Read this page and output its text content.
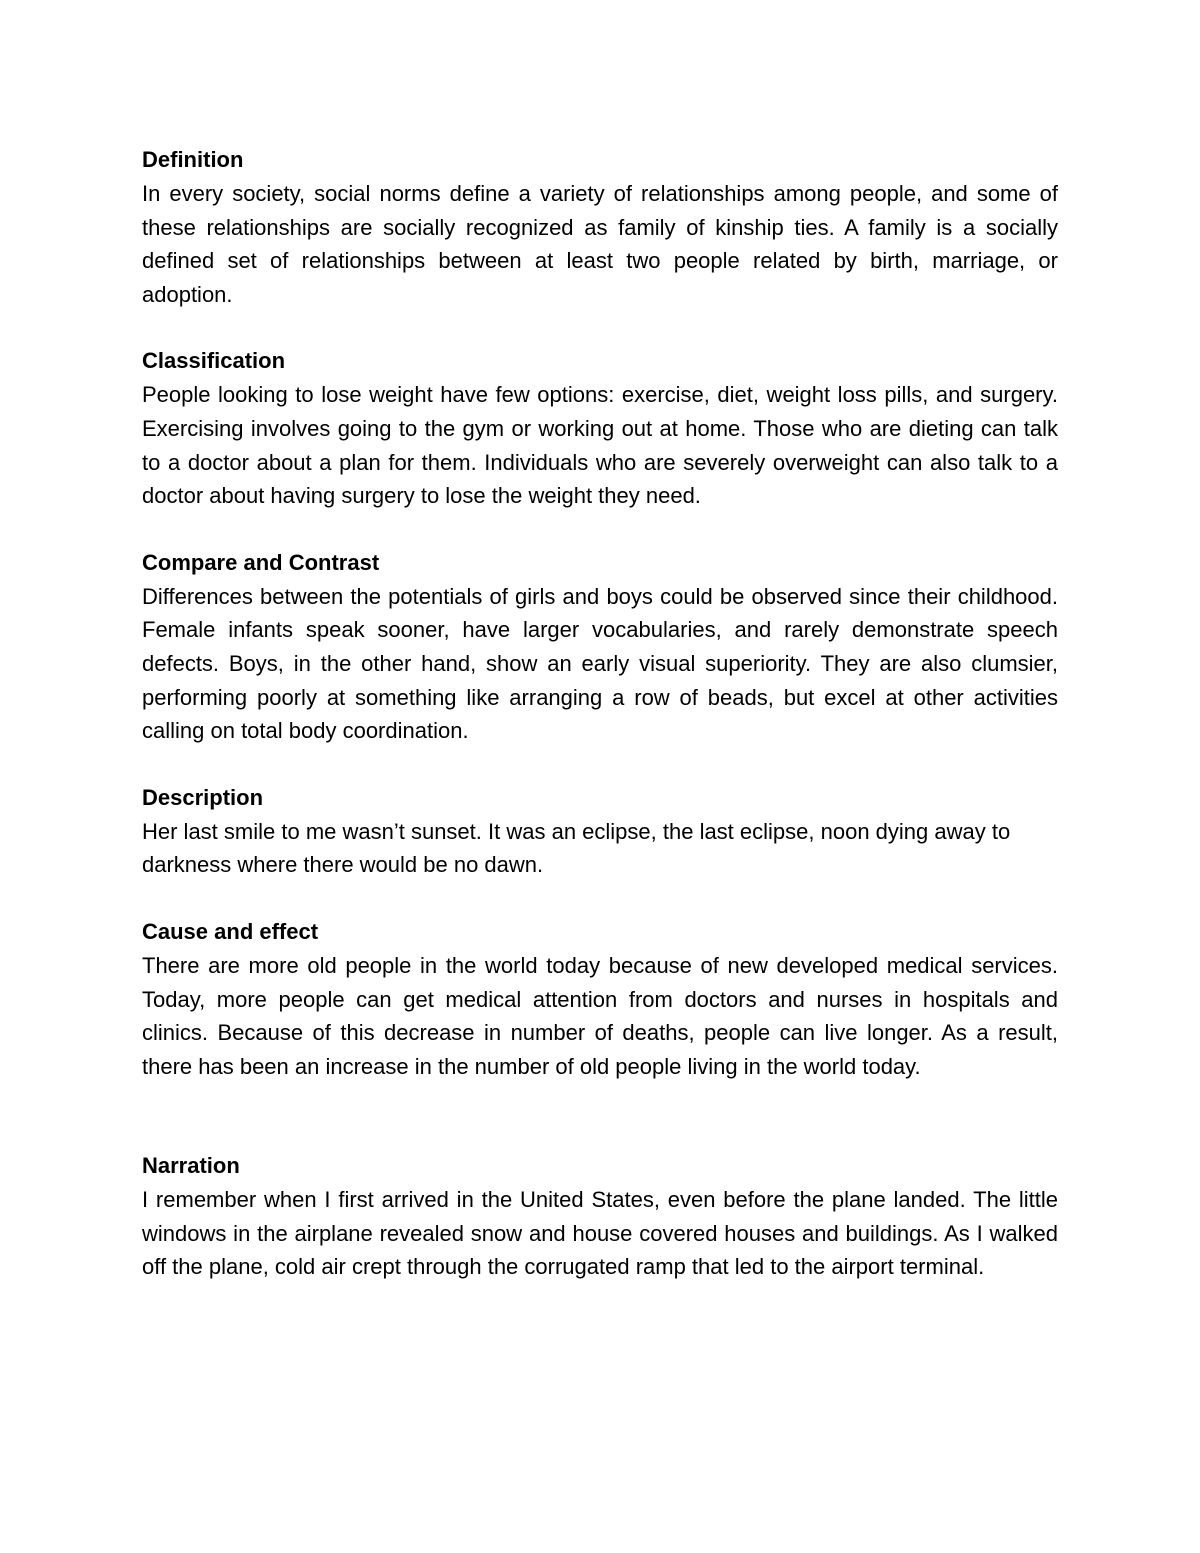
Definition

In every society, social norms define a variety of relationships among people, and some of these relationships are socially recognized as family of kinship ties. A family is a socially defined set of relationships between at least two people related by birth, marriage, or adoption.

Classification

People looking to lose weight have few options: exercise, diet, weight loss pills, and surgery. Exercising involves going to the gym or working out at home. Those who are dieting can talk to a doctor about a plan for them. Individuals who are severely overweight can also talk to a doctor about having surgery to lose the weight they need.

Compare and Contrast

Differences between the potentials of girls and boys could be observed since their childhood. Female infants speak sooner, have larger vocabularies, and rarely demonstrate speech defects. Boys, in the other hand, show an early visual superiority. They are also clumsier, performing poorly at something like arranging a row of beads, but excel at other activities calling on total body coordination.

Description

Her last smile to me wasn’t sunset. It was an eclipse, the last eclipse, noon dying away to darkness where there would be no dawn.

Cause and effect

There are more old people in the world today because of new developed medical services. Today, more people can get medical attention from doctors and nurses in hospitals and clinics. Because of this decrease in number of deaths, people can live longer. As a result, there has been an increase in the number of old people living in the world today.

Narration

I remember when I first arrived in the United States, even before the plane landed. The little windows in the airplane revealed snow and house covered houses and buildings. As I walked off the plane, cold air crept through the corrugated ramp that led to the airport terminal.
